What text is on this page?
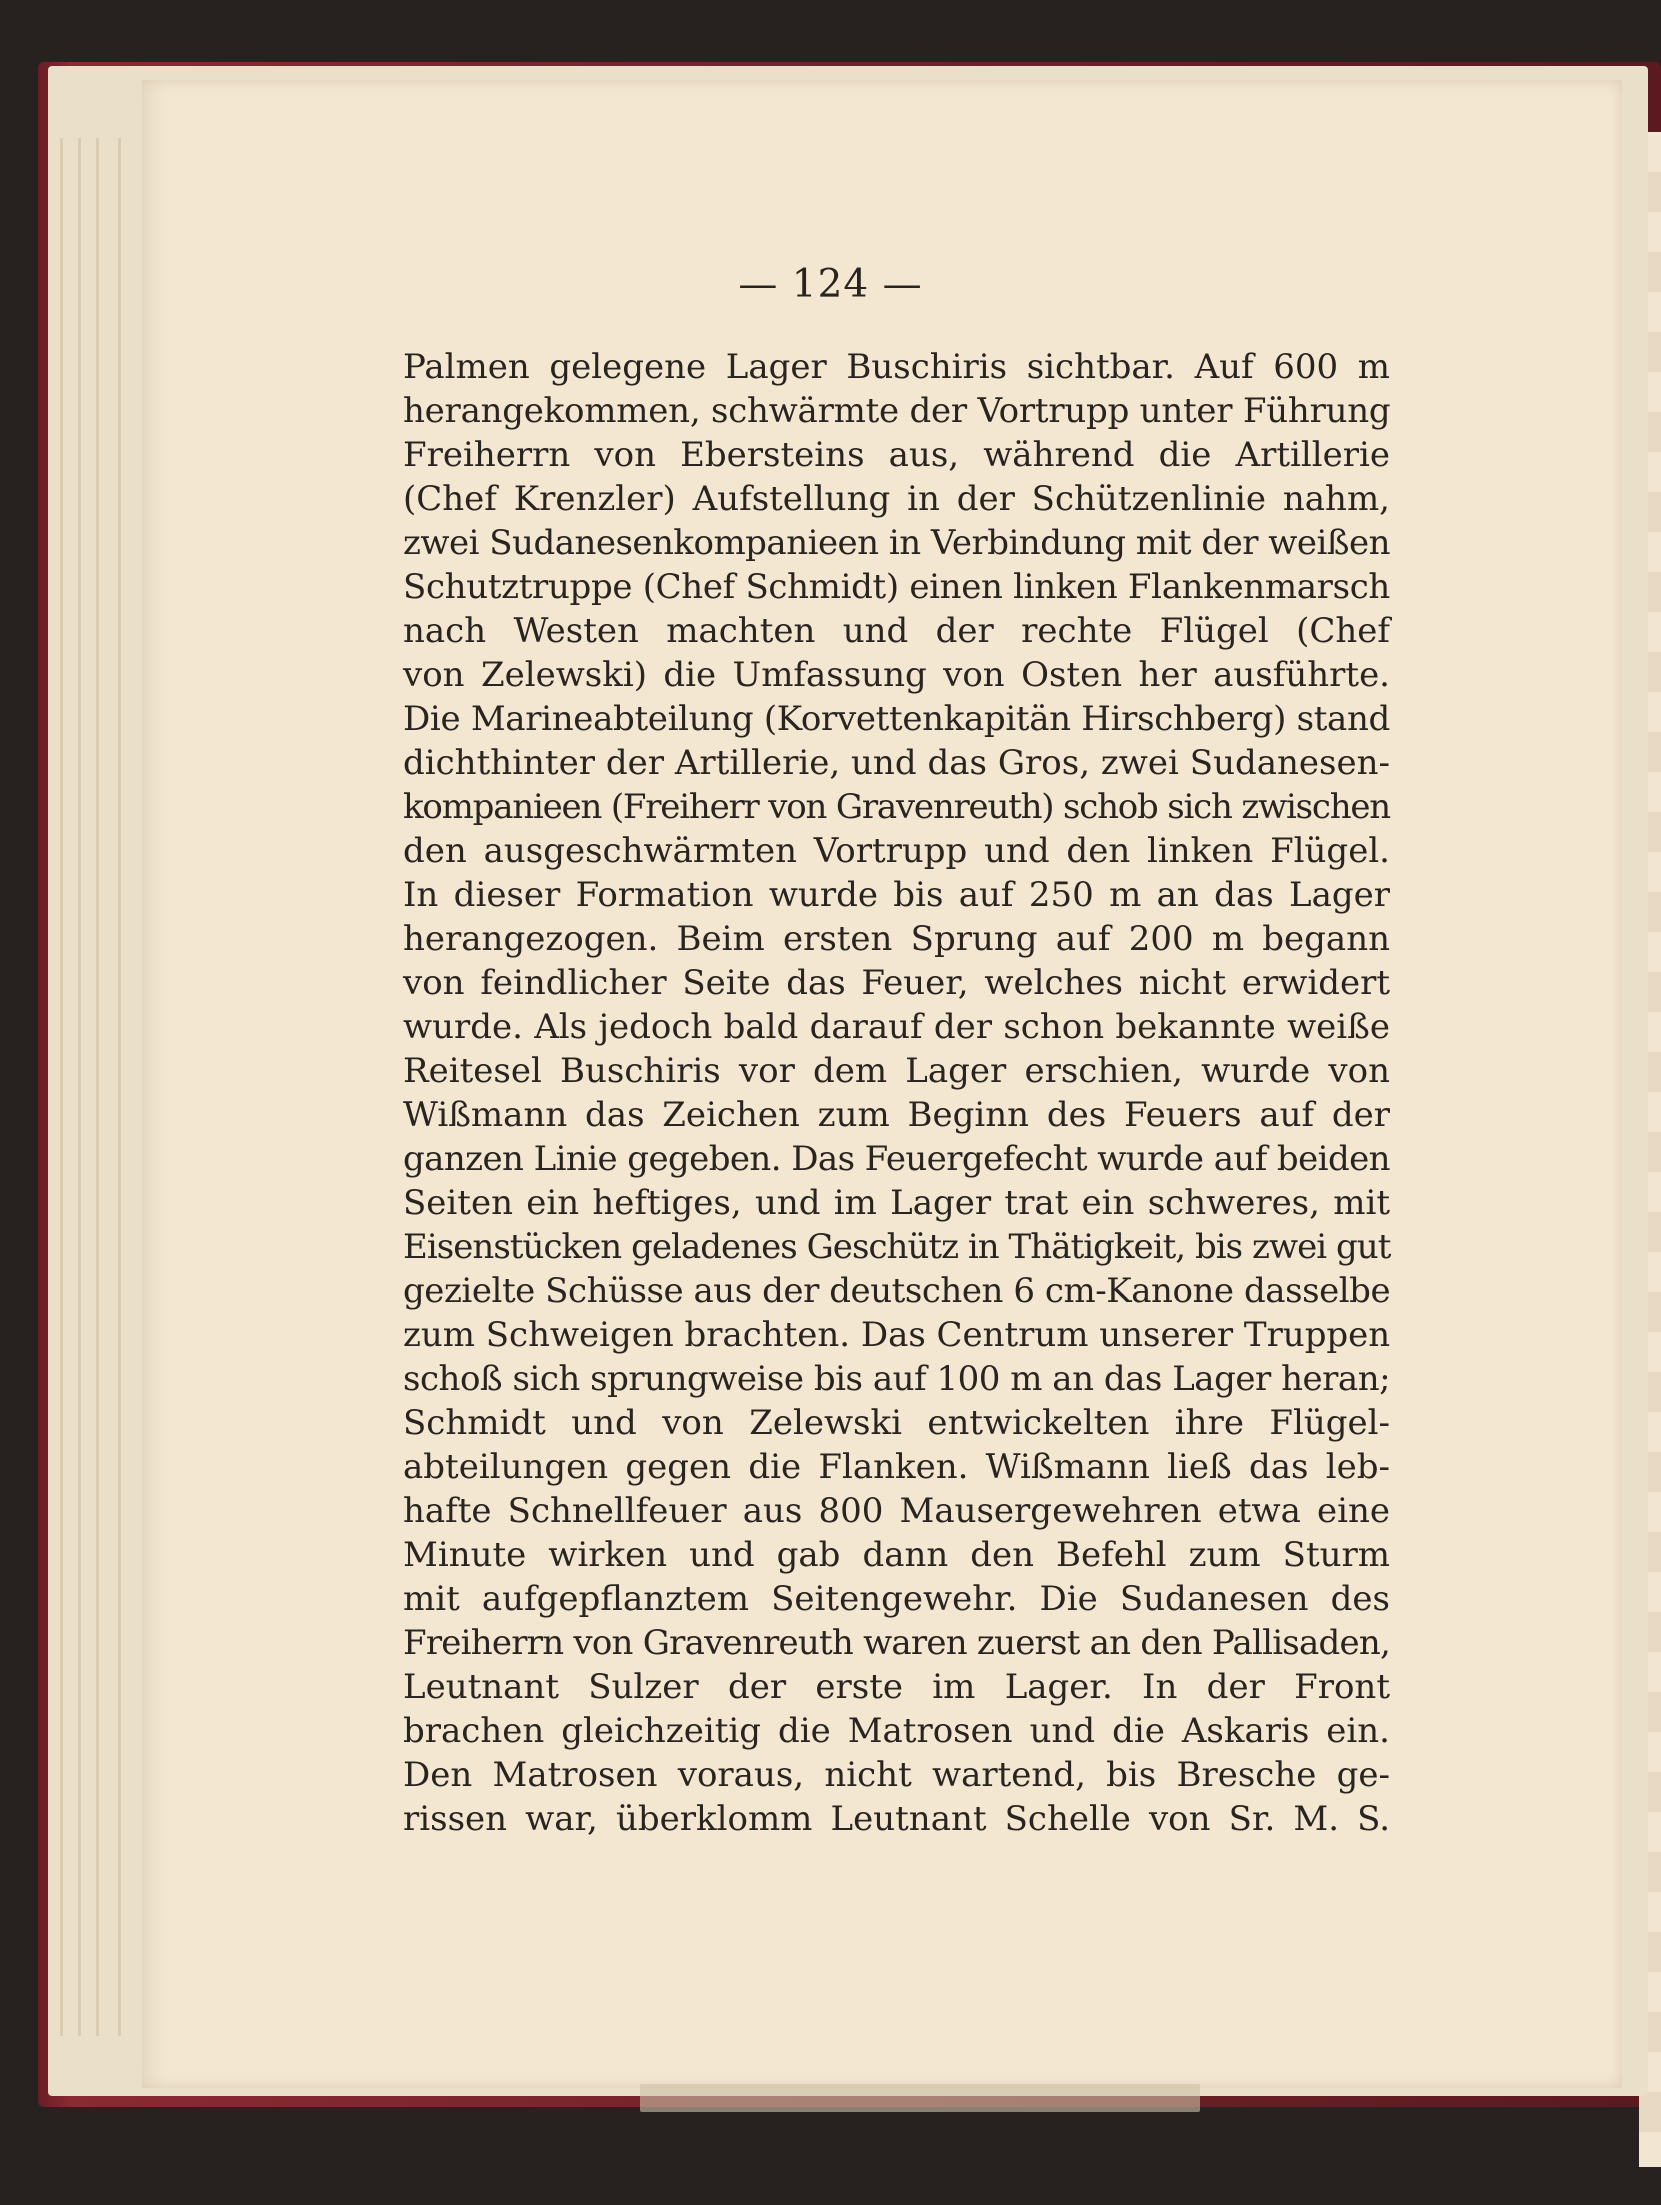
— 124 —
Palmen gelegene Lager Buschiris sichtbar. Auf 600 m
herangekommen, schwärmte der Vortrupp unter Führung
Freiherrn von Ebersteins aus, während die Artillerie
(Chef Krenzler) Aufstellung in der Schützenlinie nahm,
zwei Sudanesenkompanieen in Verbindung mit der weißen
Schutztruppe (Chef Schmidt) einen linken Flankenmarsch
nach Westen machten und der rechte Flügel (Chef
von Zelewski) die Umfassung von Osten her ausführte.
Die Marineabteilung (Korvettenkapitän Hirschberg) stand
dichthinter der Artillerie, und das Gros, zwei Sudanesen-
kompanieen (Freiherr von Gravenreuth) schob sich zwischen
den ausgeschwärmten Vortrupp und den linken Flügel.
In dieser Formation wurde bis auf 250 m an das Lager
herangezogen. Beim ersten Sprung auf 200 m begann
von feindlicher Seite das Feuer, welches nicht erwidert
wurde. Als jedoch bald darauf der schon bekannte weiße
Reitesel Buschiris vor dem Lager erschien, wurde von
Wißmann das Zeichen zum Beginn des Feuers auf der
ganzen Linie gegeben. Das Feuergefecht wurde auf beiden
Seiten ein heftiges, und im Lager trat ein schweres, mit
Eisenstücken geladenes Geschütz in Thätigkeit, bis zwei gut
gezielte Schüsse aus der deutschen 6 cm-Kanone dasselbe
zum Schweigen brachten. Das Centrum unserer Truppen
schoß sich sprungweise bis auf 100 m an das Lager heran;
Schmidt und von Zelewski entwickelten ihre Flügel-
abteilungen gegen die Flanken. Wißmann ließ das leb-
hafte Schnellfeuer aus 800 Mausergewehren etwa eine
Minute wirken und gab dann den Befehl zum Sturm
mit aufgepflanztem Seitengewehr. Die Sudanesen des
Freiherrn von Gravenreuth waren zuerst an den Pallisaden,
Leutnant Sulzer der erste im Lager. In der Front
brachen gleichzeitig die Matrosen und die Askaris ein.
Den Matrosen voraus, nicht wartend, bis Bresche ge-
rissen war, überklomm Leutnant Schelle von Sr. M. S.
